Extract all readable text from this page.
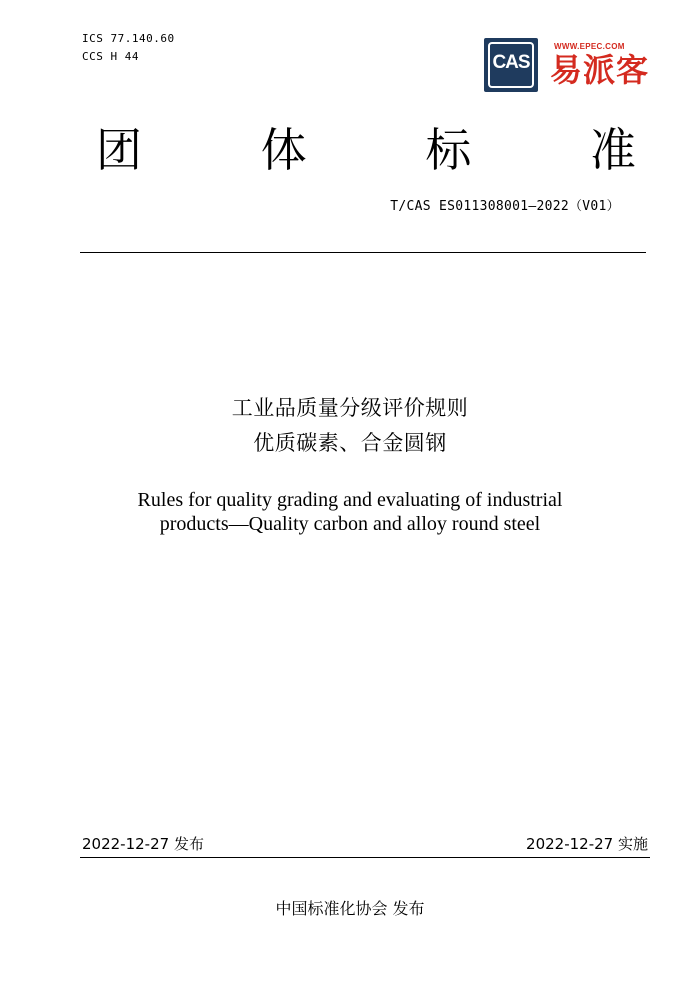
ICS 77.140.60
CCS H 44	CAS
WWW.EPEC.COM
易派客
团	体	标	准
T/CAS ES011308001—2022（V01）
工业品质量分级评价规则
优质碳素、合金圆钢
Rules for quality grading and evaluating of industrial
products—Quality carbon and alloy round steel
2022-12-27 发布	2022-12-27 实施
中国标准化协会 发布
